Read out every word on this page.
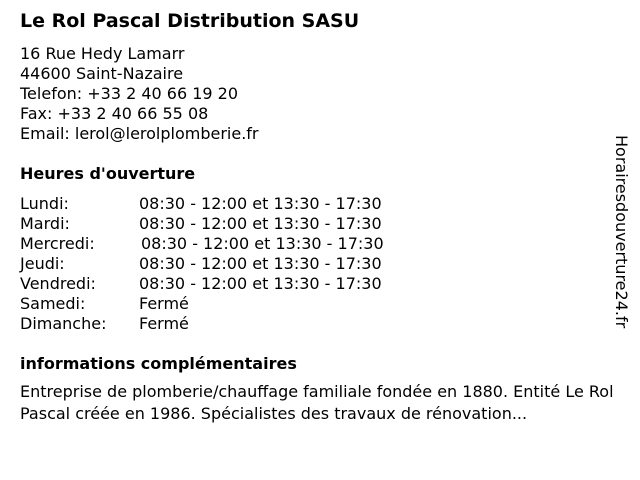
Le Rol Pascal Distribution SASU
16 Rue Hedy Lamarr
44600 Saint-Nazaire
Telefon: +33 2 40 66 19 20
Fax: +33 2 40 66 55 08
Email: lerol@lerolplomberie.fr
Heures d'ouverture
Lundi:	08:30 - 12:00 et 13:30 - 17:30
Mardi:	08:30 - 12:00 et 13:30 - 17:30
Mercredi:	08:30 - 12:00 et 13:30 - 17:30
Jeudi:	08:30 - 12:00 et 13:30 - 17:30
Vendredi:	08:30 - 12:00 et 13:30 - 17:30
Samedi:	Fermé
Dimanche: Fermé
informations complémentaires
Entreprise de plomberie/chauffage familiale fondée en 1880. Entité Le Rol Pascal créée en 1986. Spécialistes des travaux de rénovation...
Horairesdouverture24.fr
